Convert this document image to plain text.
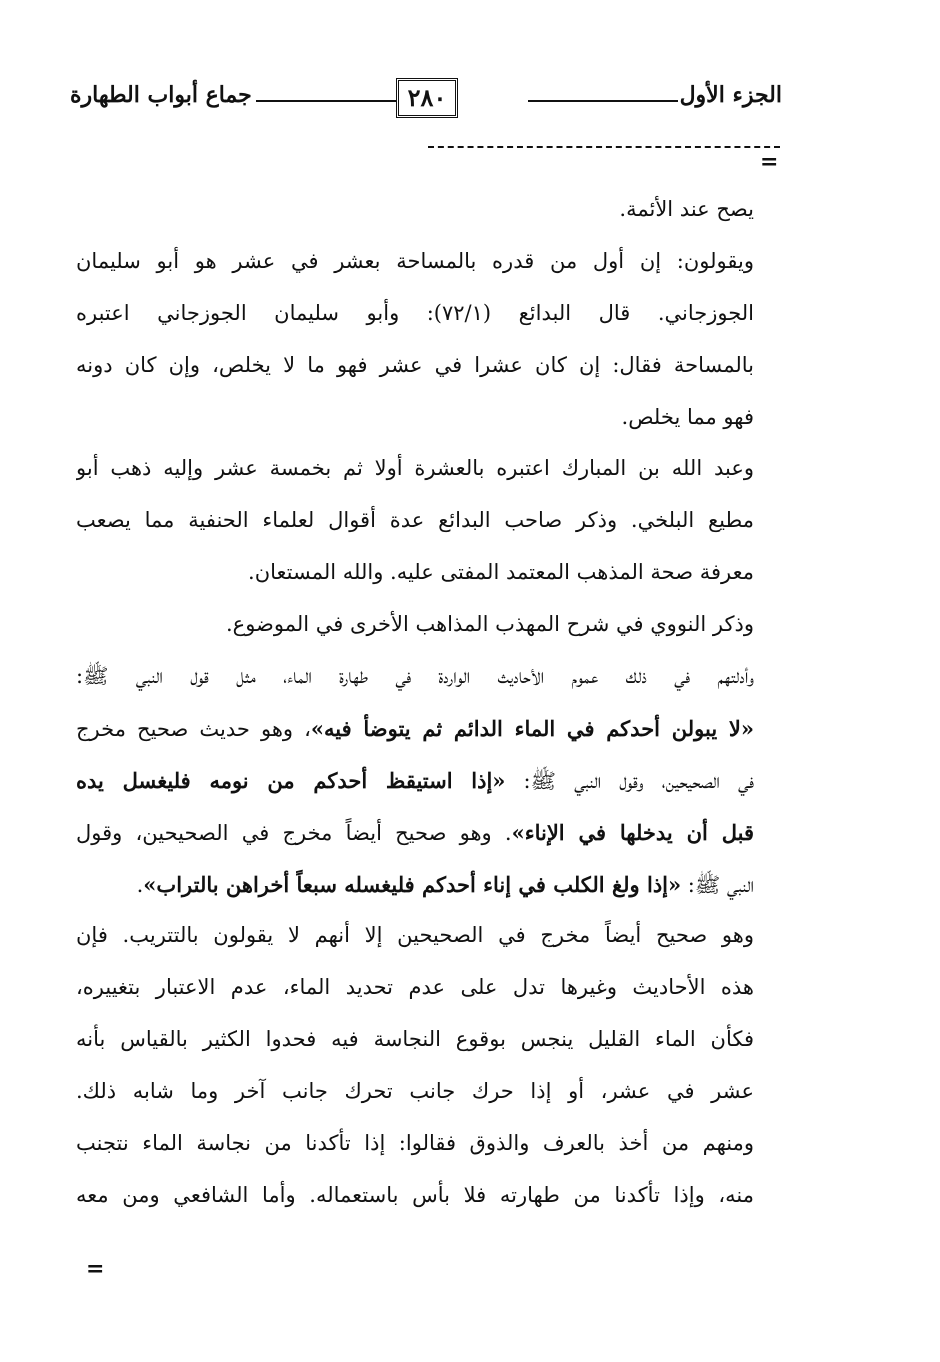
الجزء الأول
٢٨٠
جماع أبواب الطهارة
=
يصح عند الأئمة.
ويقولون: إن أول من قدره بالمساحة بعشر في عشر هو أبو سليمان
الجوزجاني. قال البدائع (٧٢/١): وأبو سليمان الجوزجاني اعتبره
بالمساحة فقال: إن كان عشرا في عشر فهو ما لا يخلص، وإن كان دونه
فهو مما يخلص.
وعبد الله بن المبارك اعتبره بالعشرة أولا ثم بخمسة عشر وإليه ذهب أبو
مطيع البلخي. وذكر صاحب البدائع عدة أقوال لعلماء الحنفية مما يصعب
معرفة صحة المذهب المعتمد المفتى عليه. والله المستعان.
وذكر النووي في شرح المهذب المذاهب الأخرى في الموضوع.
وأدلتهم في ذلك عموم الأحاديث الواردة في طهارة الماء، مثل قول النبي ﷺ:
«لا يبولن أحدكم في الماء الدائم ثم يتوضأ فيه»، وهو حديث صحيح مخرج
في الصحيحين، وقول النبي ﷺ: «إذا استيقظ أحدكم من نومه فليغسل يده
قبل أن يدخلها في الإناء». وهو صحيح أيضاً مخرج في الصحيحين، وقول
النبي ﷺ: «إذا ولغ الكلب في إناء أحدكم فليغسله سبعاً أخراهن بالتراب».
وهو صحيح أيضاً مخرج في الصحيحين إلا أنهم لا يقولون بالتتريب. فإن
هذه الأحاديث وغيرها تدل على عدم تحديد الماء، عدم الاعتبار بتغييره،
فكأن الماء القليل ينجس بوقوع النجاسة فيه فحدوا الكثير بالقياس بأنه
عشر في عشر، أو إذا حرك جانب تحرك جانب آخر وما شابه ذلك.
ومنهم من أخذ بالعرف والذوق فقالوا: إذا تأكدنا من نجاسة الماء نتجنب
منه، وإذا تأكدنا من طهارته فلا بأس باستعماله. وأما الشافعي ومن معه
=
